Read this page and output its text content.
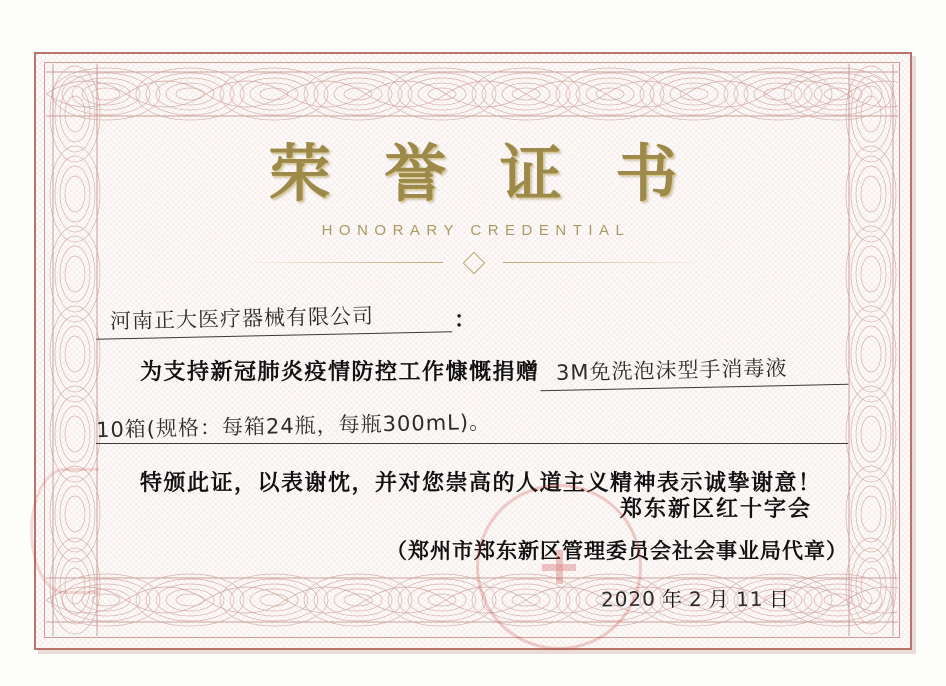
荣 誉 证 书
HONORARY CREDENTIAL
河南正大医疗器械有限公司	：
为支持新冠肺炎疫情防控工作慷慨捐赠 3M免洗泡沫型手消毒液
10箱(规格：每箱24瓶，每瓶300mL)。
特颁此证，以表谢忱，并对您崇高的人道主义精神表示诚挚谢意！
郑东新区红十字会
（郑州市郑东新区管理委员会社会事业局代章）
2020 年 2 月 11 日
